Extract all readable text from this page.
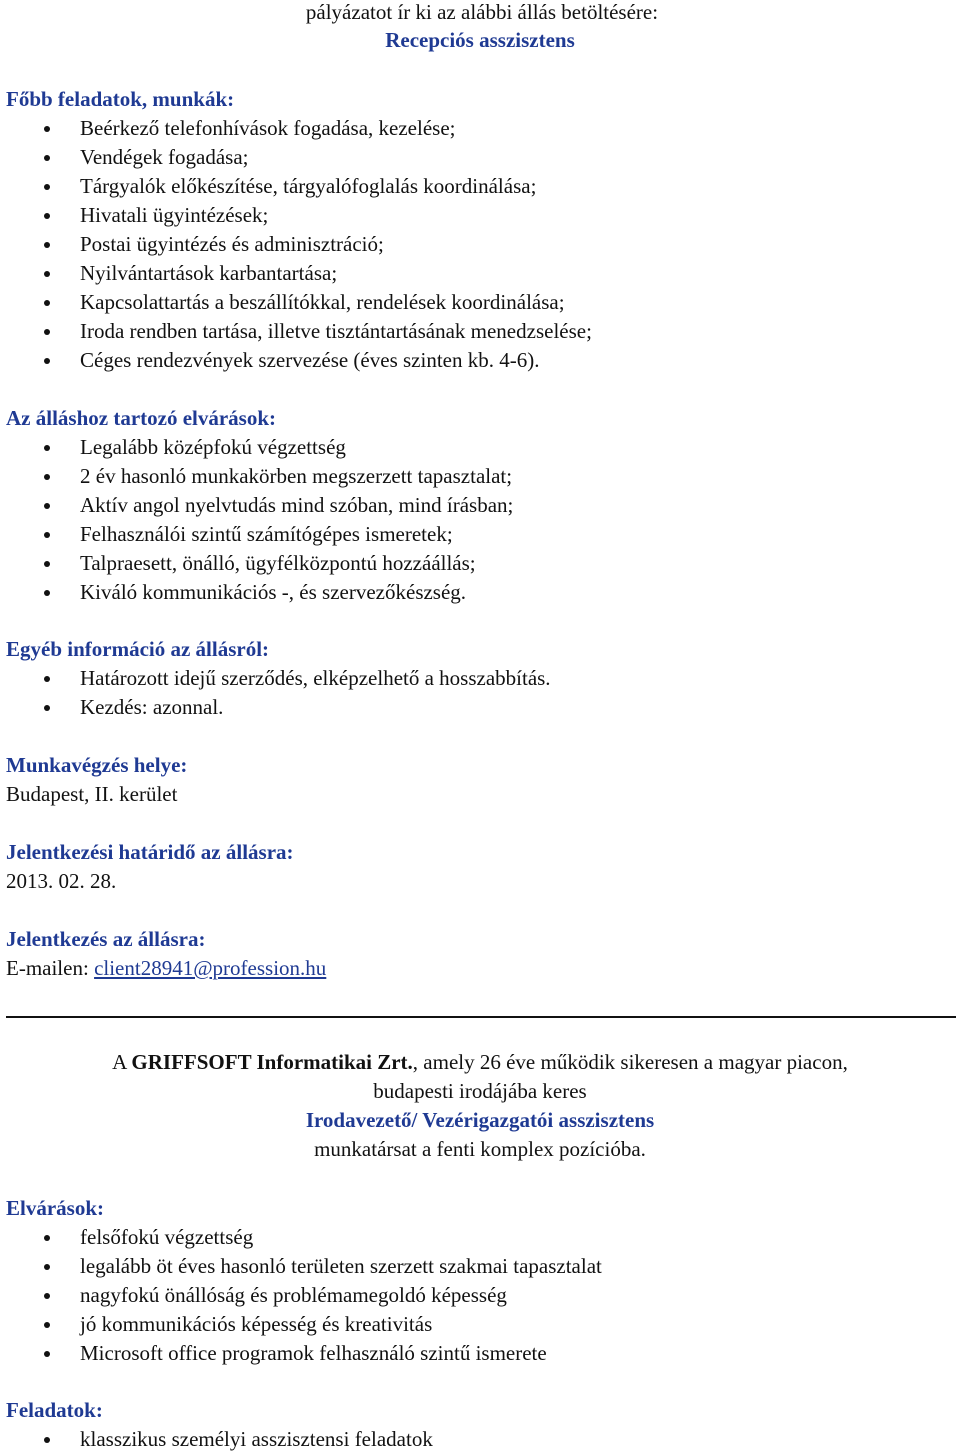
pályázatot ír ki az alábbi állás betöltésére:
Recepciós asszisztens

Főbb feladatok, munkák:

Beérkező telefonhívások fogadása, kezelése;
Vendégek fogadása;
Tárgyalók előkészítése, tárgyalófoglalás koordinálása;
Hivatali ügyintézések;
Postai ügyintézés és adminisztráció;
Nyilvántartások karbantartása;
Kapcsolattartás a beszállítókkal, rendelések koordinálása;
Iroda rendben tartása, illetve tisztántartásának menedzselése;
Céges rendezvények szervezése (éves szinten kb. 4-6).

Az álláshoz tartozó elvárások:

Legalább középfokú végzettség
2 év hasonló munkakörben megszerzett tapasztalat;
Aktív angol nyelvtudás mind szóban, mind írásban;
Felhasználói szintű számítógépes ismeretek;
Talpraesett, önálló, ügyfélközpontú hozzáállás;
Kiváló kommunikációs -, és szervezőkészség.

Egyéb információ az állásról:

Határozott idejű szerződés, elképzelhető a hosszabbítás.
Kezdés: azonnal.

Munkavégzés helye:

Budapest, II. kerület

Jelentkezési határidő az állásra:

2013. 02. 28.

Jelentkezés az állásra:

E-mailen: client28941@profession.hu

A GRIFFSOFT Informatikai Zrt., amely 26 éve működik sikeresen a magyar piacon,

budapesti irodájába keres

Irodavezető/ Vezérigazgatói asszisztens

munkatársat a fenti komplex pozícióba.

Elvárások:

felsőfokú végzettség
legalább öt éves hasonló területen szerzett szakmai tapasztalat
nagyfokú önállóság és problémamegoldó képesség
jó kommunikációs képesség és kreativitás
Microsoft office programok felhasználó szintű ismerete

Feladatok:

klasszikus személyi asszisztensi feladatok
